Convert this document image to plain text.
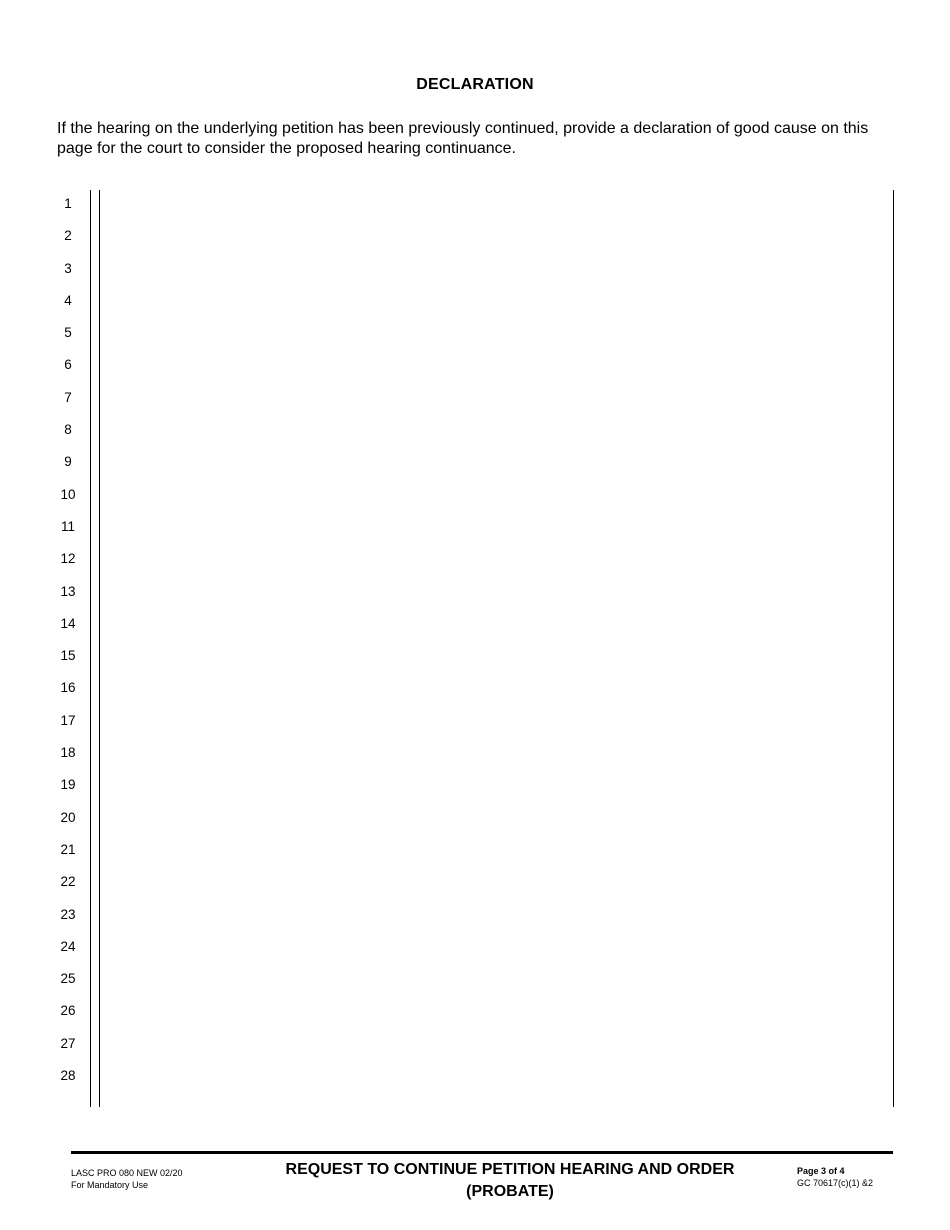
DECLARATION
If the hearing on the underlying petition has been previously continued, provide a declaration of good cause on this page for the court to consider the proposed hearing continuance.
1
2
3
4
5
6
7
8
9
10
11
12
13
14
15
16
17
18
19
20
21
22
23
24
25
26
27
28
LASC PRO 080 NEW 02/20
For Mandatory Use
REQUEST TO CONTINUE PETITION HEARING AND ORDER
(PROBATE)
Page 3 of 4
GC 70617(c)(1) &2
